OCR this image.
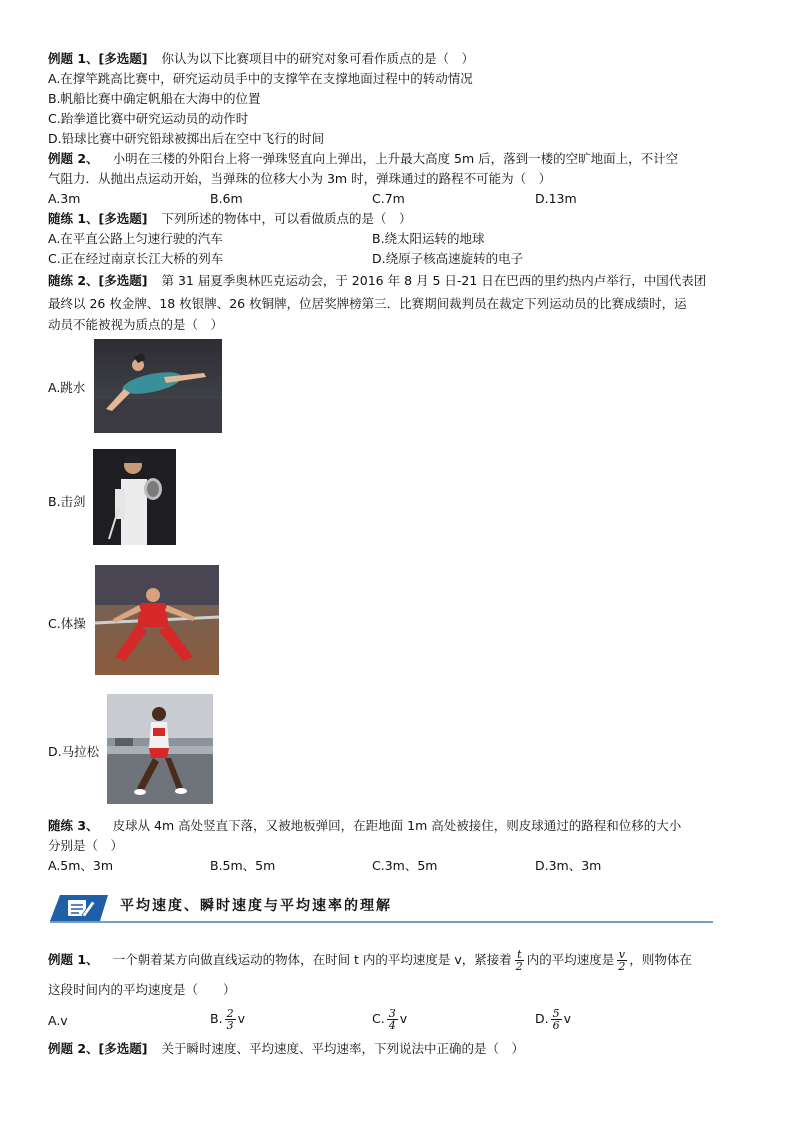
例题 1、[多选题] 你认为以下比赛项目中的研究对象可看作质点的是（　）
A.在撑竿跳高比赛中，研究运动员手中的支撑竿在支撑地面过程中的转动情况
B.帆船比赛中确定帆船在大海中的位置
C.跆拳道比赛中研究运动员的动作时
D.铅球比赛中研究铅球被掷出后在空中飞行的时间
例题 2、 小明在三楼的外阳台上将一弹珠竖直向上弹出，上升最大高度 5m 后，落到一楼的空旷地面上，不计空
气阻力．从抛出点运动开始，当弹珠的位移大小为 3m 时，弹珠通过的路程不可能为（　）
A.3m	B.6m	C.7m	D.13m
随练 1、[多选题] 下列所述的物体中，可以看做质点的是（　）
A.在平直公路上匀速行驶的汽车	B.绕太阳运转的地球
C.正在经过南京长江大桥的列车	D.绕原子核高速旋转的电子
随练 2、[多选题] 第 31 届夏季奥林匹克运动会，于 2016 年 8 月 5 日-21 日在巴西的里约热内卢举行，中国代表团
最终以 26 枚金牌、18 枚银牌、26 枚铜牌，位居奖牌榜第三．比赛期间裁判员在裁定下列运动员的比赛成绩时，运
动员不能被视为质点的是（　）
A.跳水
B.击剑
C.体操
D.马拉松
随练 3、 皮球从 4m 高处竖直下落，又被地板弹回，在距地面 1m 高处被接住，则皮球通过的路程和位移的大小
分别是（　）
A.5m、3m	B.5m、5m	C.3m、5m	D.3m、3m
平均速度、瞬时速度与平均速率的理解
例题 1、 一个朝着某方向做直线运动的物体，在时间 t 内的平均速度是 v，紧接着 $\frac{t}{2}$ 内的平均速度是 $\frac{v}{2}$ ，则物体在
这段时间内的平均速度是（　　）
A.v	B. $\frac{2}{3}$ v	C. $\frac{3}{4}$ v	D. $\frac{5}{6}$ v
例题 2、[多选题] 关于瞬时速度、平均速度、平均速率，下列说法中正确的是（　）
